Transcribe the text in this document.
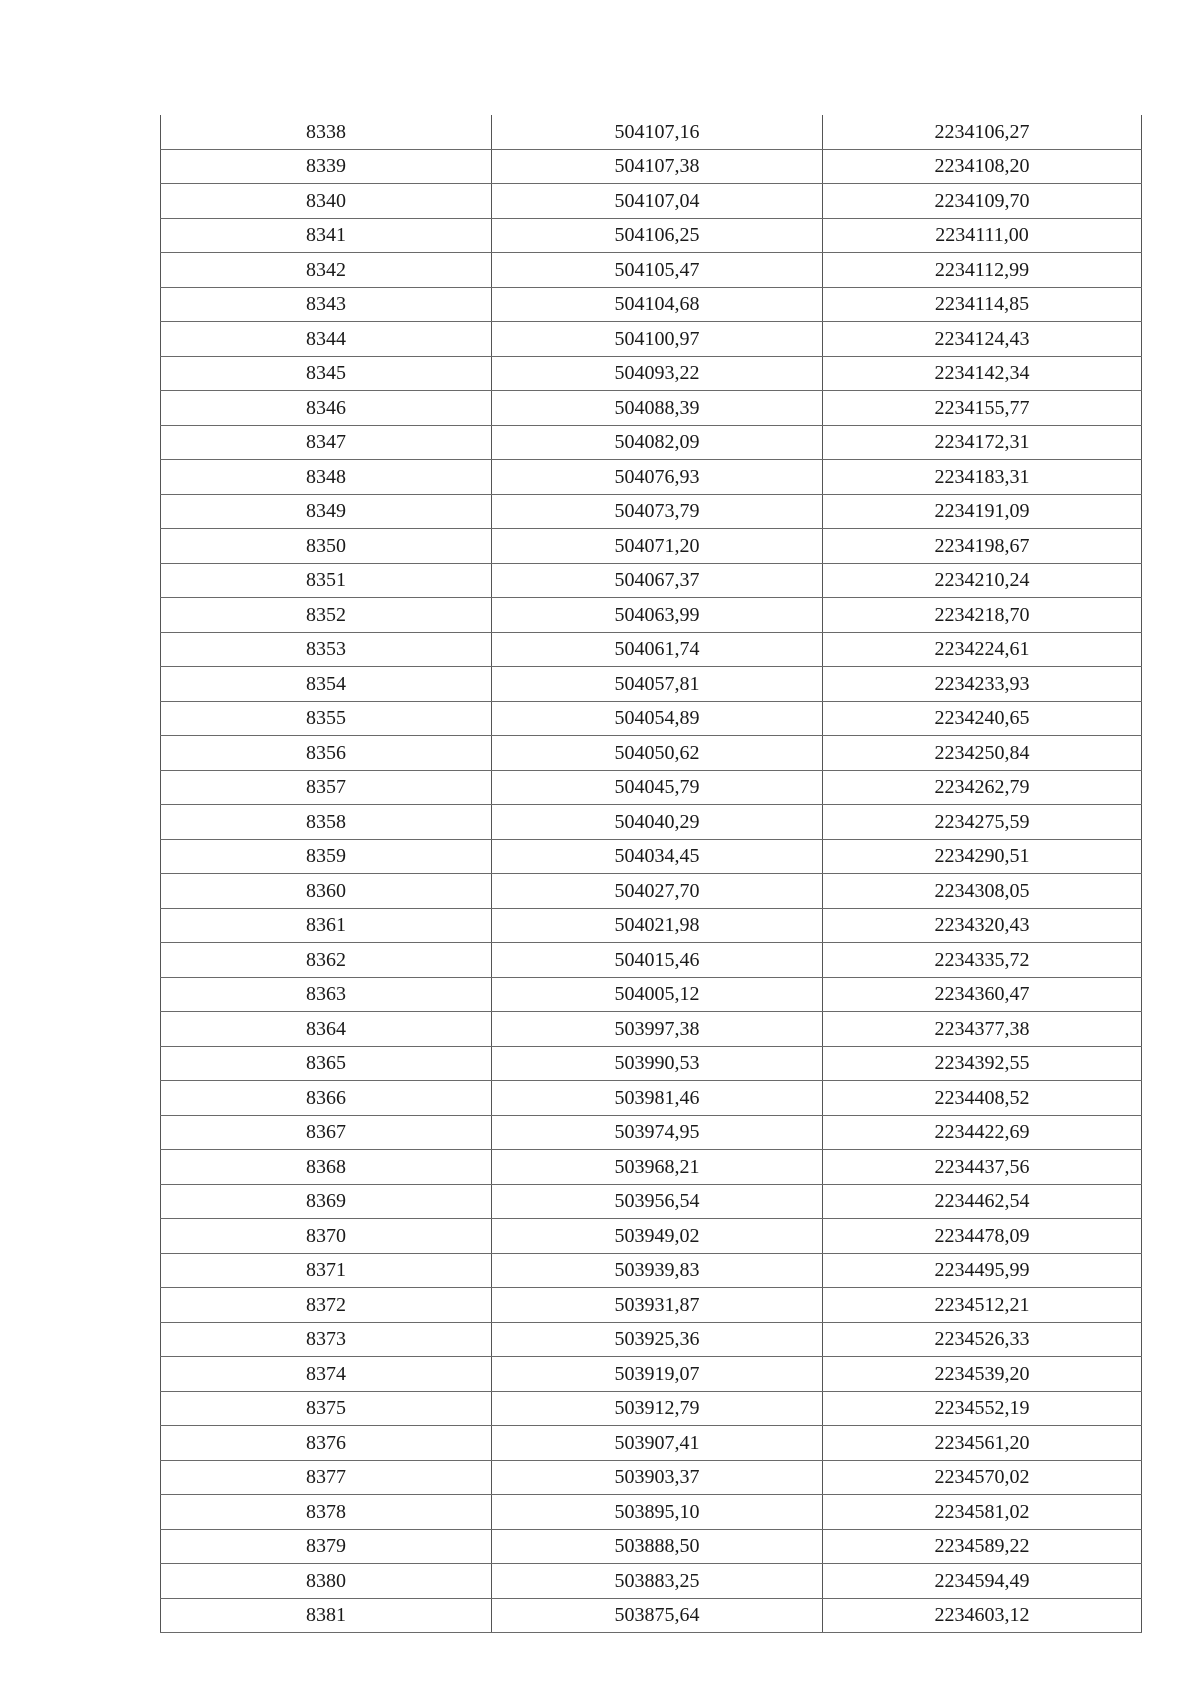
8338	504107,16	2234106,27
8339	504107,38	2234108,20
8340	504107,04	2234109,70
8341	504106,25	2234111,00
8342	504105,47	2234112,99
8343	504104,68	2234114,85
8344	504100,97	2234124,43
8345	504093,22	2234142,34
8346	504088,39	2234155,77
8347	504082,09	2234172,31
8348	504076,93	2234183,31
8349	504073,79	2234191,09
8350	504071,20	2234198,67
8351	504067,37	2234210,24
8352	504063,99	2234218,70
8353	504061,74	2234224,61
8354	504057,81	2234233,93
8355	504054,89	2234240,65
8356	504050,62	2234250,84
8357	504045,79	2234262,79
8358	504040,29	2234275,59
8359	504034,45	2234290,51
8360	504027,70	2234308,05
8361	504021,98	2234320,43
8362	504015,46	2234335,72
8363	504005,12	2234360,47
8364	503997,38	2234377,38
8365	503990,53	2234392,55
8366	503981,46	2234408,52
8367	503974,95	2234422,69
8368	503968,21	2234437,56
8369	503956,54	2234462,54
8370	503949,02	2234478,09
8371	503939,83	2234495,99
8372	503931,87	2234512,21
8373	503925,36	2234526,33
8374	503919,07	2234539,20
8375	503912,79	2234552,19
8376	503907,41	2234561,20
8377	503903,37	2234570,02
8378	503895,10	2234581,02
8379	503888,50	2234589,22
8380	503883,25	2234594,49
8381	503875,64	2234603,12
